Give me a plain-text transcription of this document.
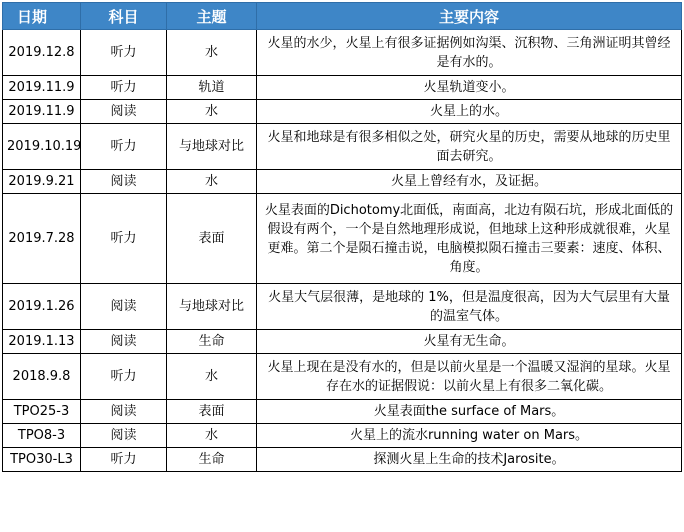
日期	科目	主题	主要内容
2019.12.8	听力	水	火星的水少，火星上有很多证据例如沟渠、沉积物、三角洲证明其曾经是有水的。
2019.11.9	听力	轨道	火星轨道变小。
2019.11.9	阅读	水	火星上的水。
2019.10.19	听力	与地球对比	火星和地球是有很多相似之处，研究火星的历史，需要从地球的历史里面去研究。
2019.9.21	阅读	水	火星上曾经有水，及证据。
2019.7.28	听力	表面	火星表面的Dichotomy北面低，南面高，北边有陨石坑，形成北面低的假设有两个，一个是自然地理形成说，但地球上这种形成就很难，火星更难。第二个是陨石撞击说，电脑模拟陨石撞击三要素：速度、体积、角度。
2019.1.26	阅读	与地球对比	火星大气层很薄，是地球的 1%，但是温度很高，因为大气层里有大量的温室气体。
2019.1.13	阅读	生命	火星有无生命。
2018.9.8	听力	水	火星上现在是没有水的，但是以前火星是一个温暖又湿润的星球。火星存在水的证据假说：以前火星上有很多二氧化碳。
TPO25-3	阅读	表面	火星表面the surface of Mars。
TPO8-3	阅读	水	火星上的流水running water on Mars。
TPO30-L3	听力	生命	探测火星上生命的技术Jarosite。
